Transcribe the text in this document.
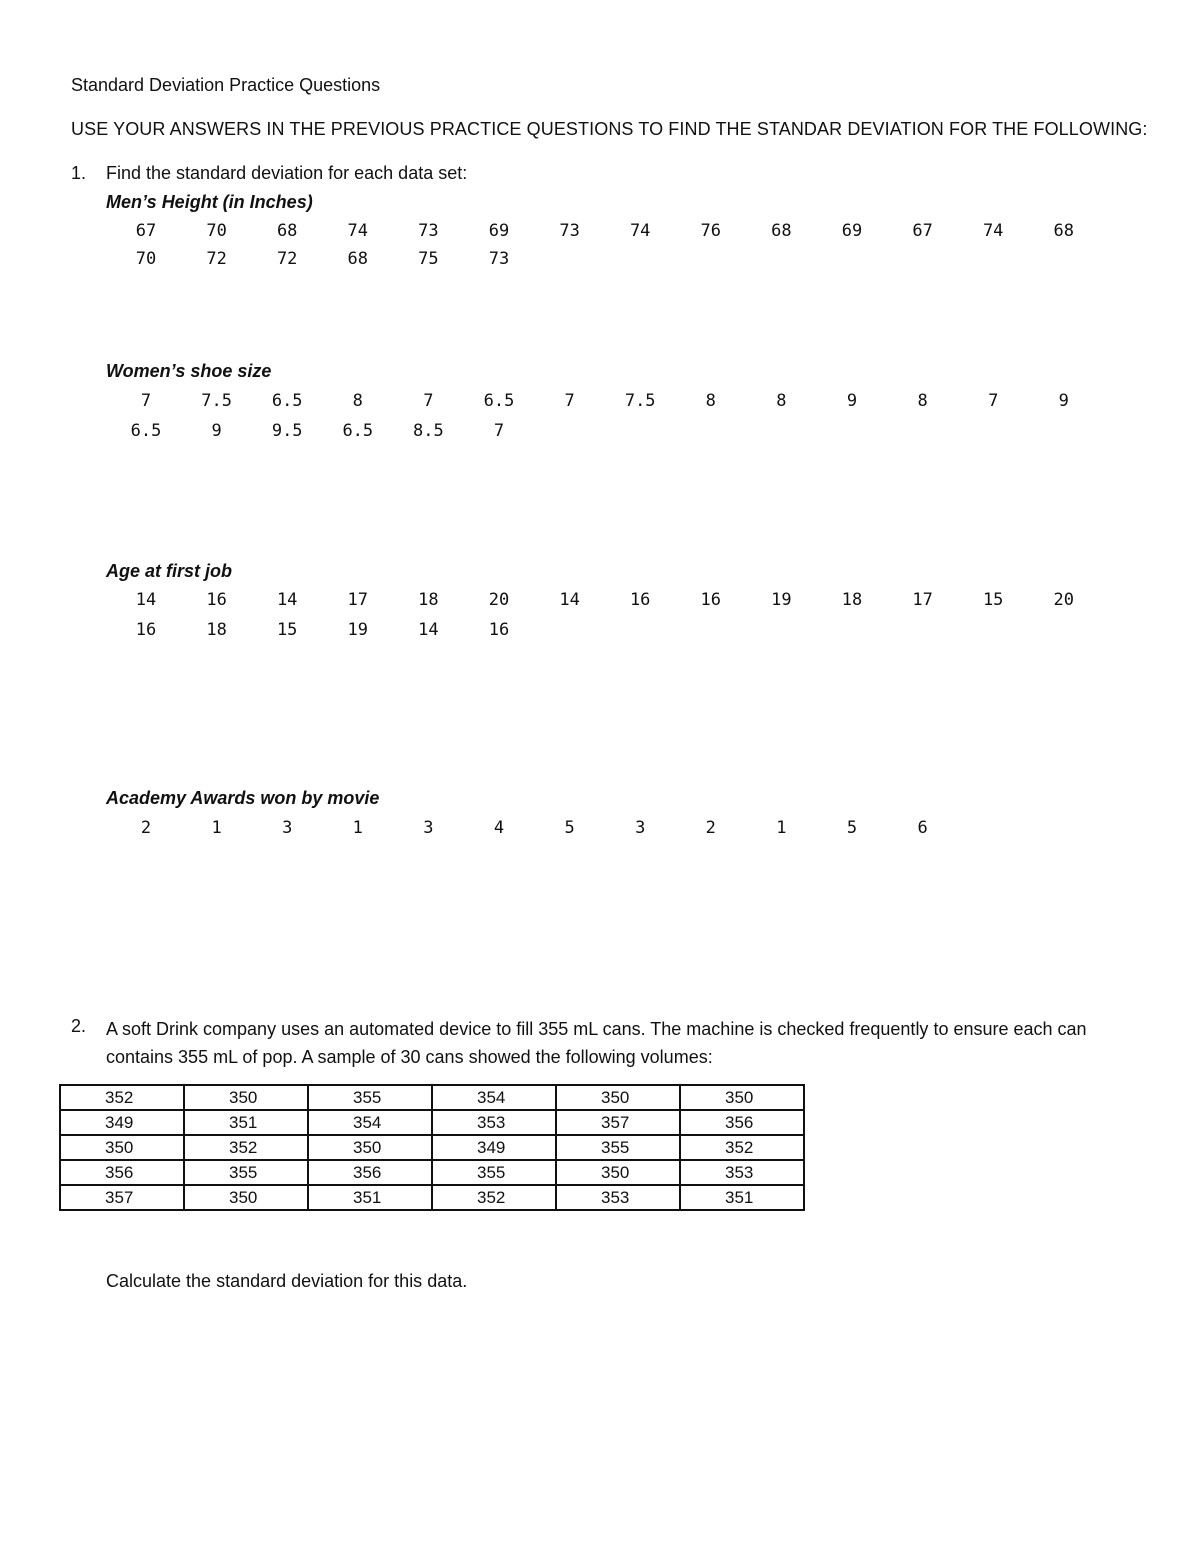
Standard Deviation Practice Questions
USE YOUR ANSWERS IN THE PREVIOUS PRACTICE QUESTIONS TO FIND THE STANDAR DEVIATION FOR THE FOLLOWING:
1. Find the standard deviation for each data set:
Men’s Height (in Inches)
67	70	68	74	73	69	73	74	76	68	69	67	74	68
70	72	72	68	75	73
Women’s shoe size
7	7.5	6.5	8	7	6.5	7	7.5	8	8	9	8	7	9
6.5	9	9.5	6.5	8.5	7
Age at first job
14	16	14	17	18	20	14	16	16	19	18	17	15	20
16	18	15	19	14	16
Academy Awards won by movie
2	1	3	1	3	4	5	3	2	1	5	6
2. A soft Drink company uses an automated device to fill 355 mL cans. The machine is checked frequently to ensure each can contains 355 mL of pop. A sample of 30 cans showed the following volumes:
352	350	355	354	350	350
349	351	354	353	357	356
350	352	350	349	355	352
356	355	356	355	350	353
357	350	351	352	353	351
Calculate the standard deviation for this data.
